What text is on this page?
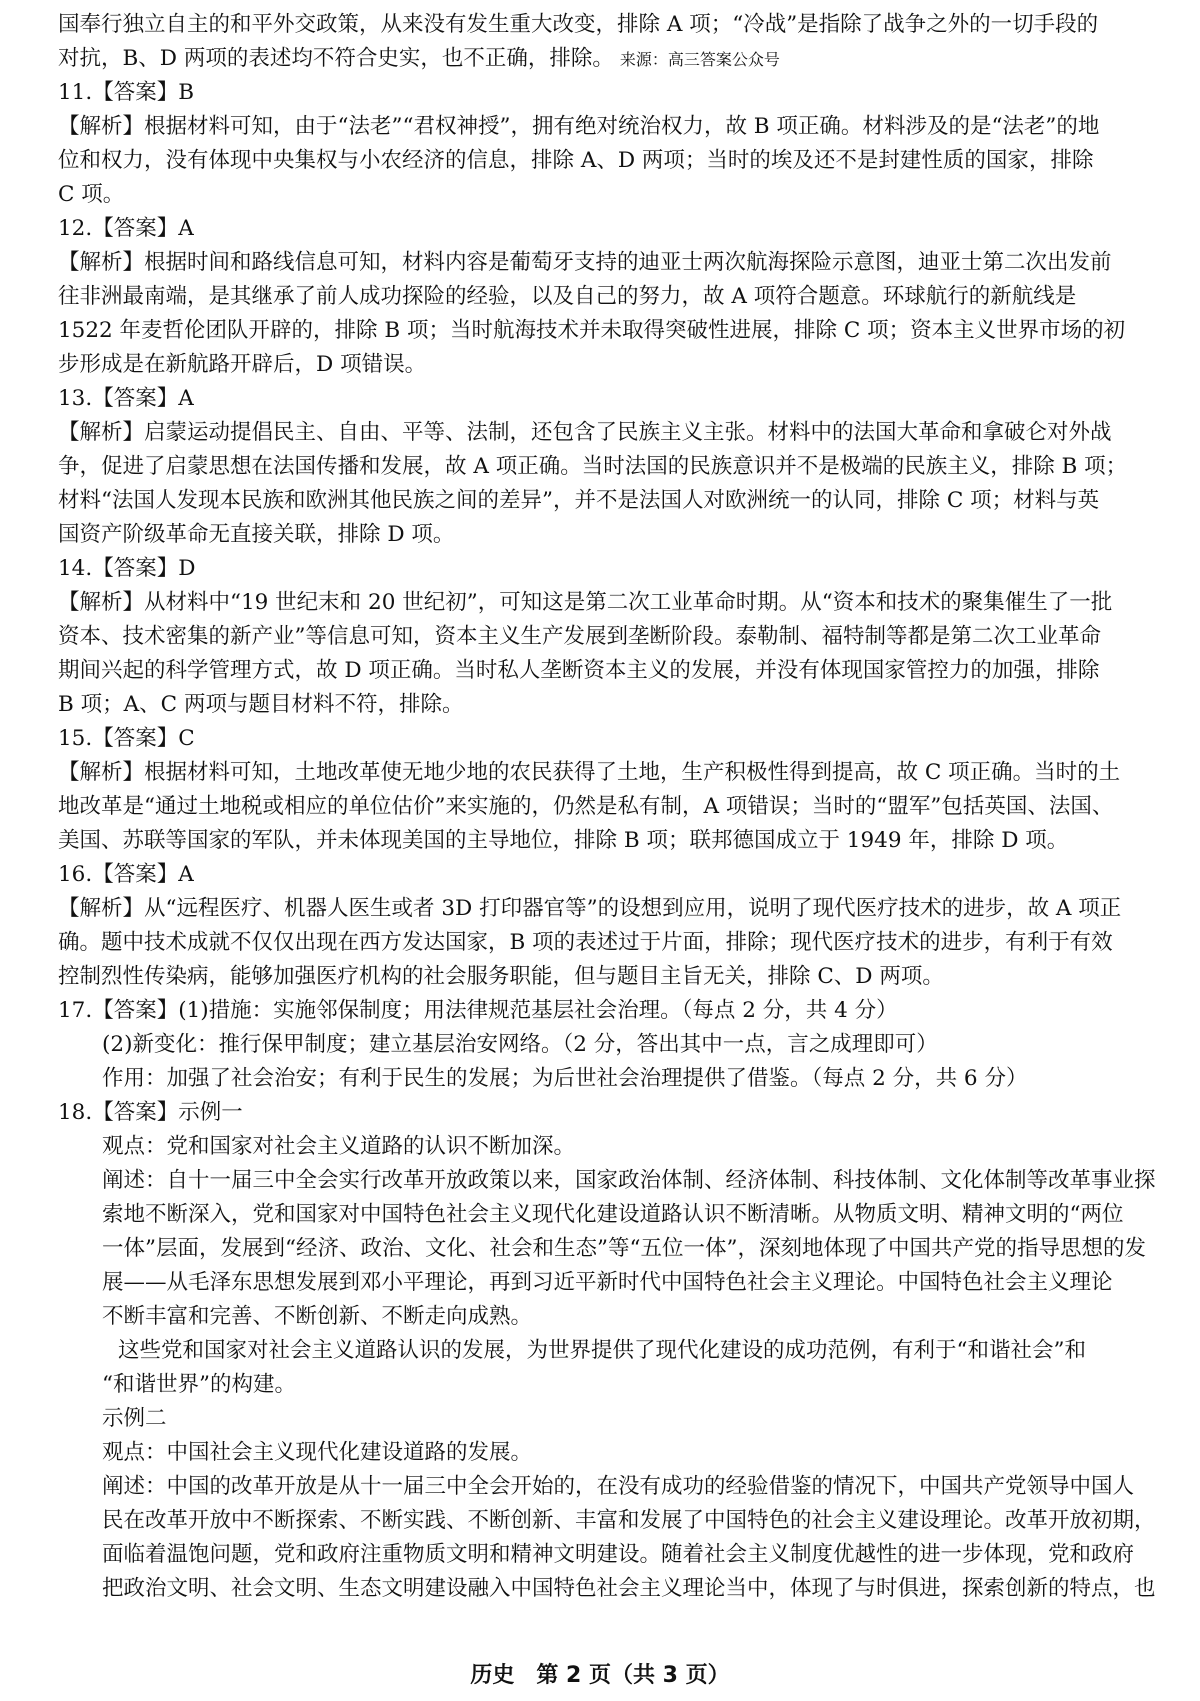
国奉行独立自主的和平外交政策，从来没有发生重大改变，排除 A 项；“冷战”是指除了战争之外的一切手段的
对抗，B、D 两项的表述均不符合史实，也不正确，排除。 来源：高三答案公众号
11.【答案】B
【解析】根据材料可知，由于“法老”“君权神授”，拥有绝对统治权力，故 B 项正确。材料涉及的是“法老”的地
位和权力，没有体现中央集权与小农经济的信息，排除 A、D 两项；当时的埃及还不是封建性质的国家，排除
C 项。
12.【答案】A
【解析】根据时间和路线信息可知，材料内容是葡萄牙支持的迪亚士两次航海探险示意图，迪亚士第二次出发前
往非洲最南端，是其继承了前人成功探险的经验，以及自己的努力，故 A 项符合题意。环球航行的新航线是
1522 年麦哲伦团队开辟的，排除 B 项；当时航海技术并未取得突破性进展，排除 C 项；资本主义世界市场的初
步形成是在新航路开辟后，D 项错误。
13.【答案】A
【解析】启蒙运动提倡民主、自由、平等、法制，还包含了民族主义主张。材料中的法国大革命和拿破仑对外战
争，促进了启蒙思想在法国传播和发展，故 A 项正确。当时法国的民族意识并不是极端的民族主义，排除 B 项；
材料“法国人发现本民族和欧洲其他民族之间的差异”，并不是法国人对欧洲统一的认同，排除 C 项；材料与英
国资产阶级革命无直接关联，排除 D 项。
14.【答案】D
【解析】从材料中“19 世纪末和 20 世纪初”，可知这是第二次工业革命时期。从“资本和技术的聚集催生了一批
资本、技术密集的新产业”等信息可知，资本主义生产发展到垄断阶段。泰勒制、福特制等都是第二次工业革命
期间兴起的科学管理方式，故 D 项正确。当时私人垄断资本主义的发展，并没有体现国家管控力的加强，排除
B 项；A、C 两项与题目材料不符，排除。
15.【答案】C
【解析】根据材料可知，土地改革使无地少地的农民获得了土地，生产积极性得到提高，故 C 项正确。当时的土
地改革是“通过土地税或相应的单位估价”来实施的，仍然是私有制，A 项错误；当时的“盟军”包括英国、法国、
美国、苏联等国家的军队，并未体现美国的主导地位，排除 B 项；联邦德国成立于 1949 年，排除 D 项。
16.【答案】A
【解析】从“远程医疗、机器人医生或者 3D 打印器官等”的设想到应用，说明了现代医疗技术的进步，故 A 项正
确。题中技术成就不仅仅出现在西方发达国家，B 项的表述过于片面，排除；现代医疗技术的进步，有利于有效
控制烈性传染病，能够加强医疗机构的社会服务职能，但与题目主旨无关，排除 C、D 两项。
17.【答案】(1)措施：实施邻保制度；用法律规范基层社会治理。（每点 2 分，共 4 分）
(2)新变化：推行保甲制度；建立基层治安网络。（2 分，答出其中一点，言之成理即可）
作用：加强了社会治安；有利于民生的发展；为后世社会治理提供了借鉴。（每点 2 分，共 6 分）
18.【答案】示例一
观点：党和国家对社会主义道路的认识不断加深。
阐述：自十一届三中全会实行改革开放政策以来，国家政治体制、经济体制、科技体制、文化体制等改革事业探
索地不断深入，党和国家对中国特色社会主义现代化建设道路认识不断清晰。从物质文明、精神文明的“两位
一体”层面，发展到“经济、政治、文化、社会和生态”等“五位一体”，深刻地体现了中国共产党的指导思想的发
展——从毛泽东思想发展到邓小平理论，再到习近平新时代中国特色社会主义理论。中国特色社会主义理论
不断丰富和完善、不断创新、不断走向成熟。
这些党和国家对社会主义道路认识的发展，为世界提供了现代化建设的成功范例，有利于“和谐社会”和
“和谐世界”的构建。
示例二
观点：中国社会主义现代化建设道路的发展。
阐述：中国的改革开放是从十一届三中全会开始的，在没有成功的经验借鉴的情况下，中国共产党领导中国人
民在改革开放中不断探索、不断实践、不断创新、丰富和发展了中国特色的社会主义建设理论。改革开放初期，
面临着温饱问题，党和政府注重物质文明和精神文明建设。随着社会主义制度优越性的进一步体现，党和政府
把政治文明、社会文明、生态文明建设融入中国特色社会主义理论当中，体现了与时俱进，探索创新的特点，也
历史　第 2 页（共 3 页）
